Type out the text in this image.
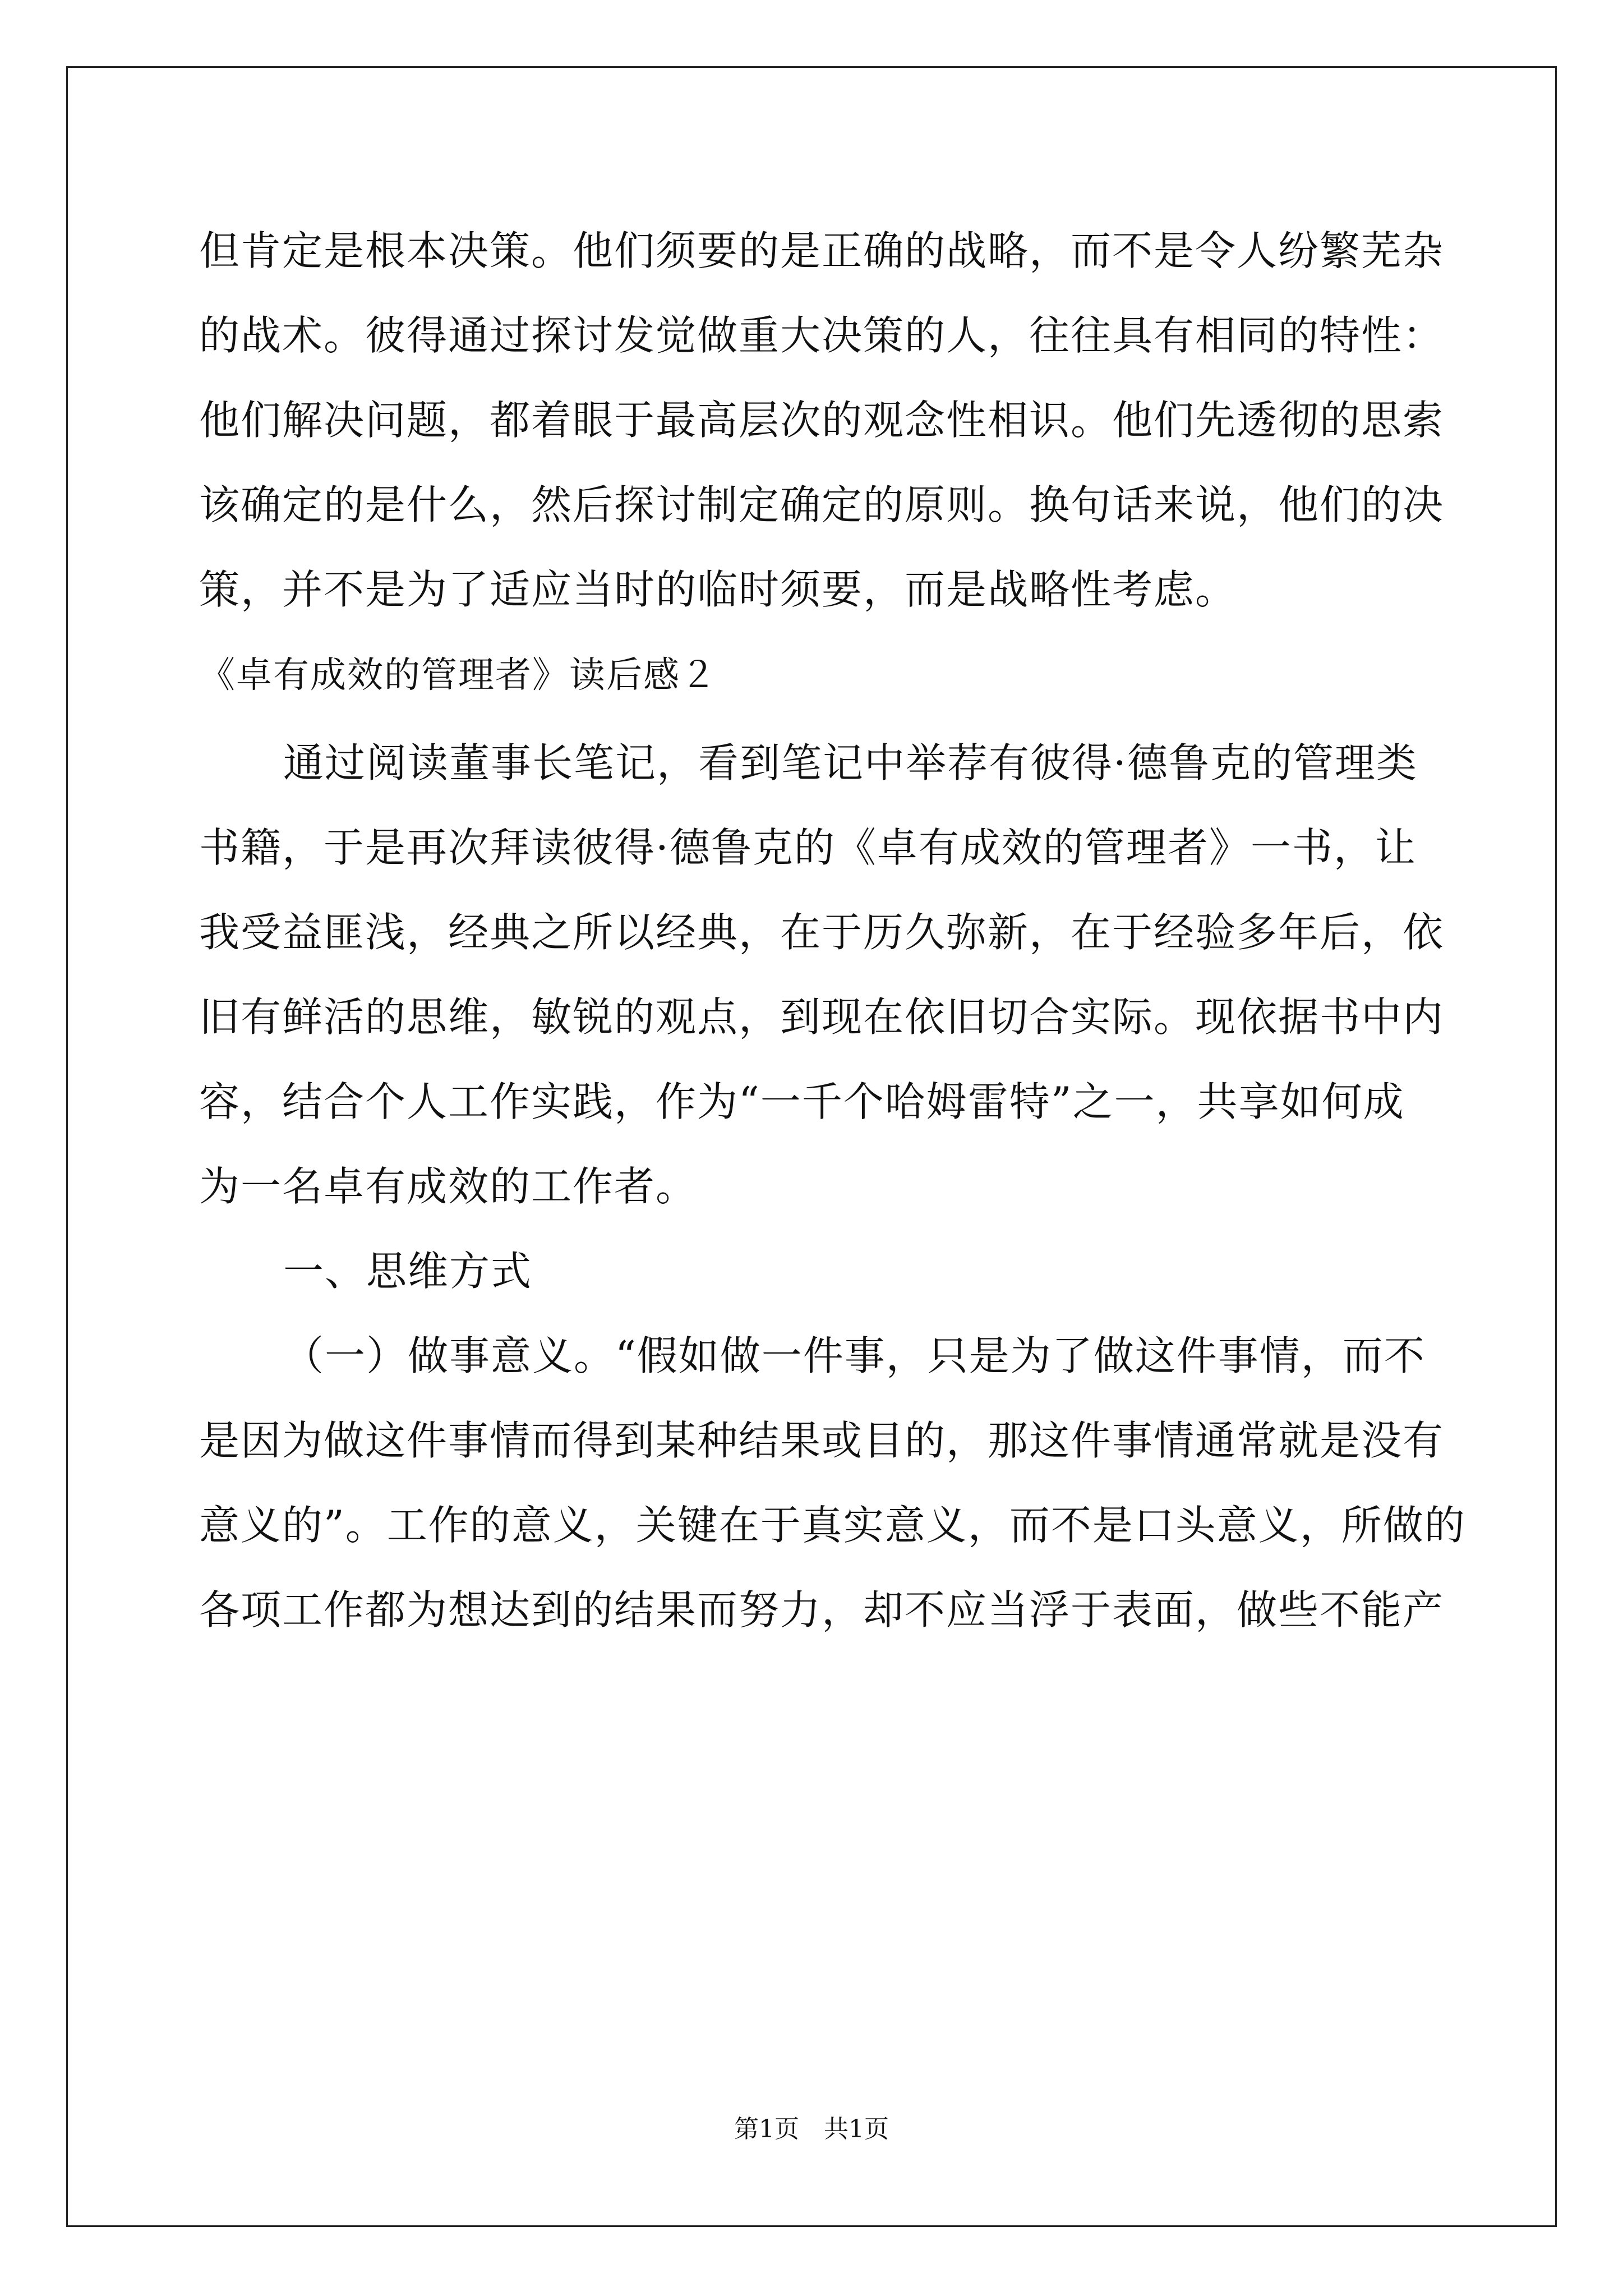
但肯定是根本决策。他们须要的是正确的战略，而不是令人纷繁芜杂
的战术。彼得通过探讨发觉做重大决策的人，往往具有相同的特性：
他们解决问题，都着眼于最高层次的观念性相识。他们先透彻的思索
该确定的是什么，然后探讨制定确定的原则。换句话来说，他们的决
策，并不是为了适应当时的临时须要，而是战略性考虑。
《卓有成效的管理者》读后感２
通过阅读董事长笔记，看到笔记中举荐有彼得·德鲁克的管理类
书籍，于是再次拜读彼得·德鲁克的《卓有成效的管理者》一书，让
我受益匪浅，经典之所以经典，在于历久弥新，在于经验多年后，依
旧有鲜活的思维，敏锐的观点，到现在依旧切合实际。现依据书中内
容，结合个人工作实践，作为“一千个哈姆雷特”之一，共享如何成
为一名卓有成效的工作者。
一、思维方式
（一）做事意义。“假如做一件事，只是为了做这件事情，而不
是因为做这件事情而得到某种结果或目的，那这件事情通常就是没有
意义的”。工作的意义，关键在于真实意义，而不是口头意义，所做的
各项工作都为想达到的结果而努力，却不应当浮于表面，做些不能产
第1页　共1页
